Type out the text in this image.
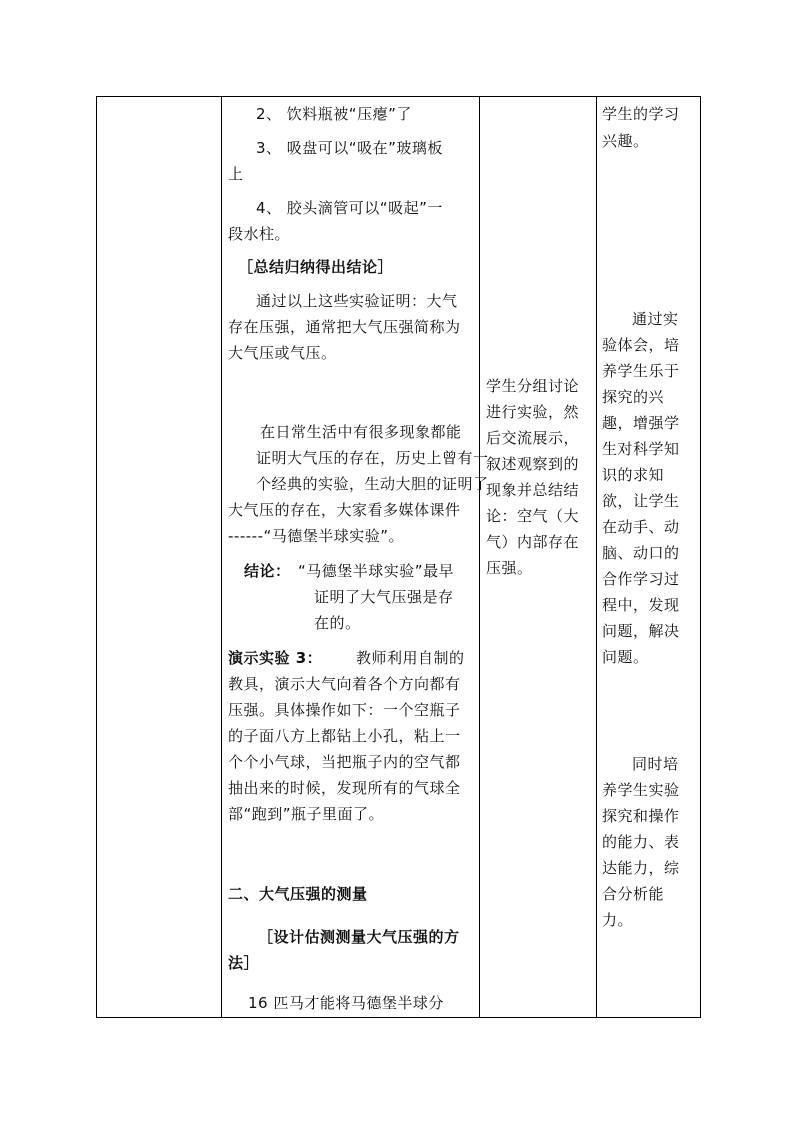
2、 饮料瓶被“压瘪”了
3、 吸盘可以“吸在”玻璃板
上
4、 胶头滴管可以“吸起”一
段水柱。
［总结归纳得出结论］
通过以上这些实验证明：大气
存在压强，通常把大气压强简称为
大气压或气压。
在日常生活中有很多现象都能
证明大气压的存在，历史上曾有一
个经典的实验，生动大胆的证明了
大气压的存在，大家看多媒体课件
------“马德堡半球实验”。
结论： “马德堡半球实验”最早
证明了大气压强是存
在的。
演示实验 3： 教师利用自制的
教具，演示大气向着各个方向都有
压强。具体操作如下：一个空瓶子
的子面八方上都钻上小孔，粘上一
个个小气球，当把瓶子内的空气都
抽出来的时候，发现所有的气球全
部“跑到”瓶子里面了。
二、大气压强的测量
［设计估测测量大气压强的方
法］
16 匹马才能将马德堡半球分

学生分组讨论
进行实验，然
后交流展示，
叙述观察到的
现象并总结结
论：空气（大
气）内部存在
压强。

学生的学习
兴趣。
通过实
验体会，培
养学生乐于
探究的兴
趣，增强学
生对科学知
识的求知
欲，让学生
在动手、动
脑、动口的
合作学习过
程中，发现
问题，解决
问题。
同时培
养学生实验
探究和操作
的能力、表
达能力，综
合分析能
力。
